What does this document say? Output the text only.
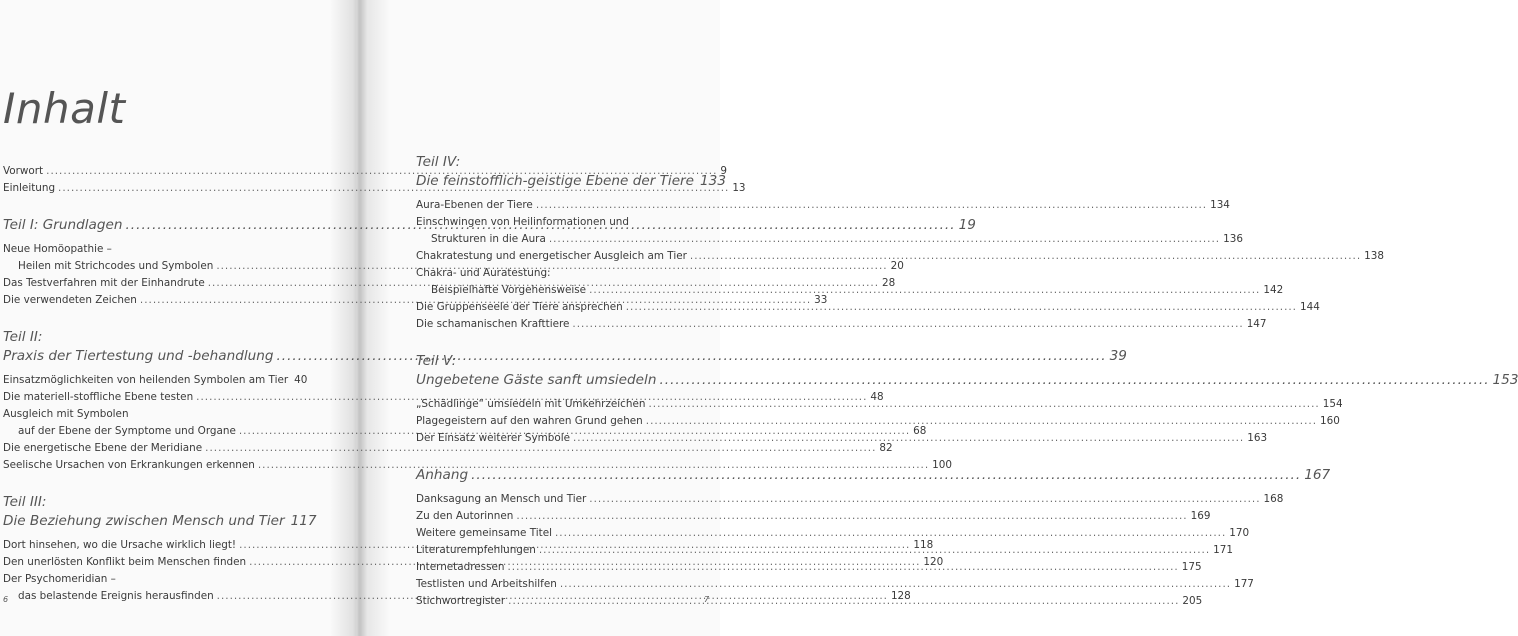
Inhalt
Vorwort .....	9
Einleitung .....	13
Teil I: Grundlagen .....	19
Neue Homöopathie –
Heilen mit Strichcodes und Symbolen .....	20
Das Testverfahren mit der Einhandrute .....	28
Die verwendeten Zeichen .....	33
Teil II:
Praxis der Tiertestung und -behandlung .....	39
Einsatzmöglichkeiten von heilenden Symbolen am Tier 40
Die materiell-stoffliche Ebene testen .....	48
Ausgleich mit Symbolen
auf der Ebene der Symptome und Organe .....	68
Die energetische Ebene der Meridiane .....	82
Seelische Ursachen von Erkrankungen erkennen .....	100
Teil III:
Die Beziehung zwischen Mensch und Tier 117
Dort hinsehen, wo die Ursache wirklich liegt! .....	118
Den unerlösten Konflikt beim Menschen finden .....	120
Der Psychomeridian –
das belastende Ereignis herausfinden .....	128
Teil IV:
Die feinstofflich-geistige Ebene der Tiere 133
Aura-Ebenen der Tiere .....	134
Einschwingen von Heilinformationen und
Strukturen in die Aura .....	136
Chakratestung und energetischer Ausgleich am Tier .....	138
Chakra- und Auratestung:
Beispielhafte Vorgehensweise .....	142
Die Gruppenseele der Tiere ansprechen .....	144
Die schamanischen Krafttiere .....	147
Teil V:
Ungebetene Gäste sanft umsiedeln .....	153
„Schädlinge“ umsiedeln mit Umkehrzeichen .....	154
Plagegeistern auf den wahren Grund gehen .....	160
Der Einsatz weiterer Symbole .....	163
Anhang .....	167
Danksagung an Mensch und Tier .....	168
Zu den Autorinnen .....	169
Weitere gemeinsame Titel .....	170
Literaturempfehlungen .....	171
Internetadressen .....	175
Testlisten und Arbeitshilfen .....	177
Stichwortregister .....	205
6	7
